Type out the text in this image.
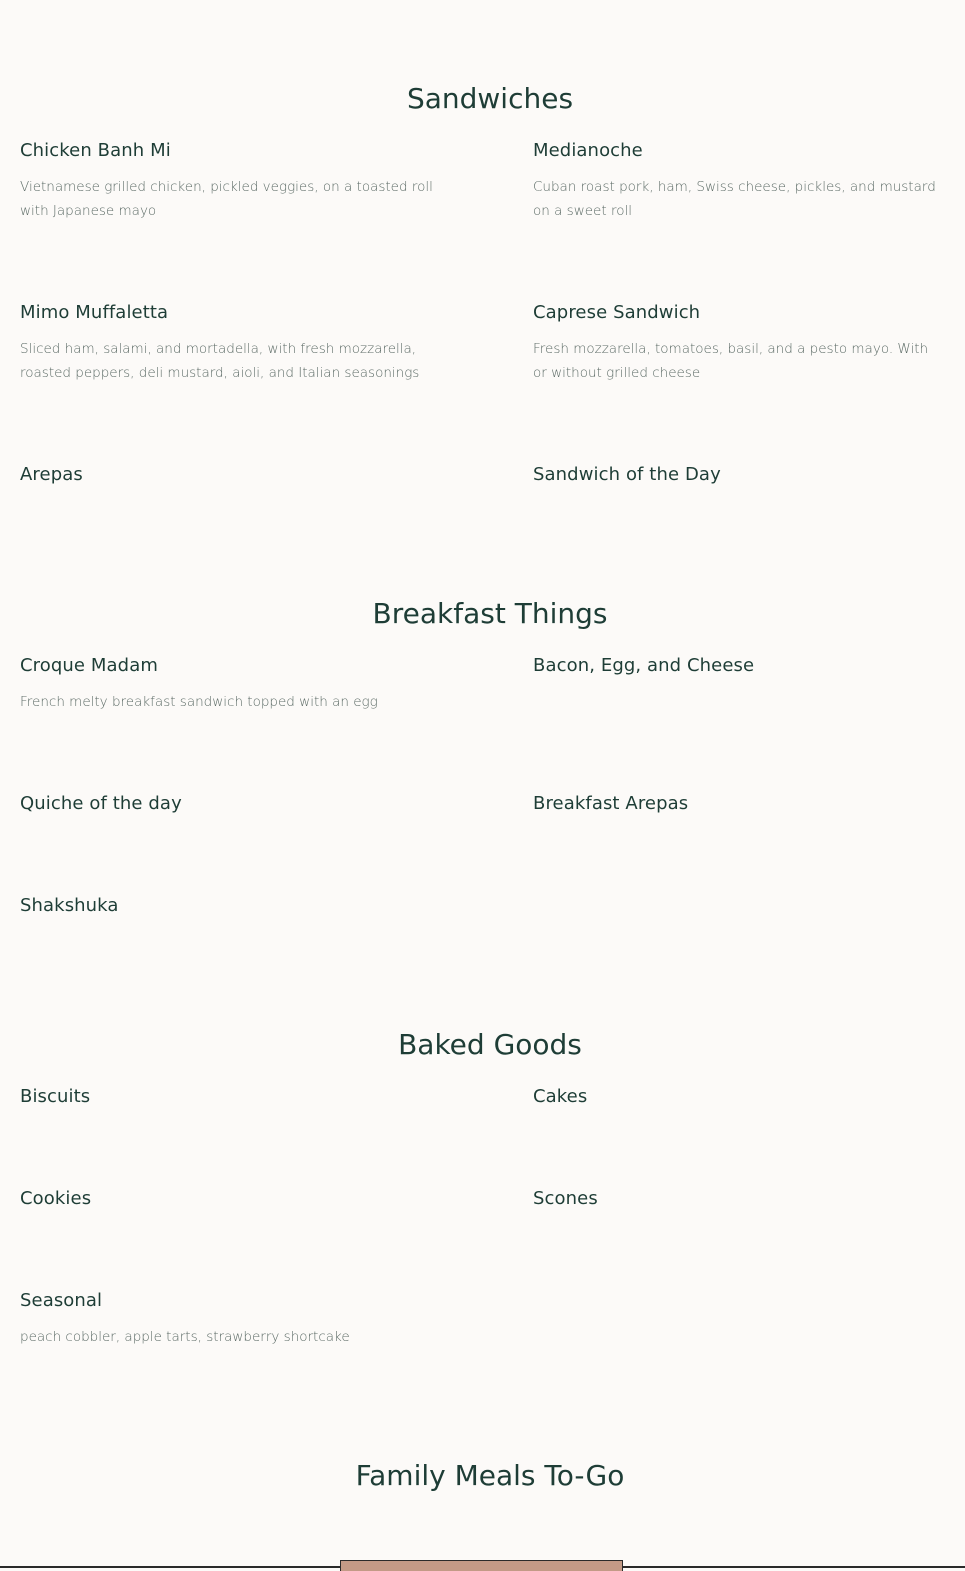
Sandwiches

Chicken Banh Mi

Vietnamese grilled chicken, pickled veggies, on a toasted roll with Japanese mayo

Medianoche

Cuban roast pork, ham, Swiss cheese, pickles, and mustard on a sweet roll

Mimo Muffaletta

Sliced ham, salami, and mortadella, with fresh mozzarella, roasted peppers, deli mustard, aioli, and Italian seasonings

Caprese Sandwich

Fresh mozzarella, tomatoes, basil, and a pesto mayo. With or without grilled cheese

Arepas	Sandwich of the Day

Breakfast Things

Croque Madam

French melty breakfast sandwich topped with an egg

Bacon, Egg, and Cheese

Quiche of the day	Breakfast Arepas

Shakshuka

Baked Goods

Biscuits	Cakes

Cookies	Scones

Seasonal

peach cobbler, apple tarts, strawberry shortcake

Family Meals To-Go
